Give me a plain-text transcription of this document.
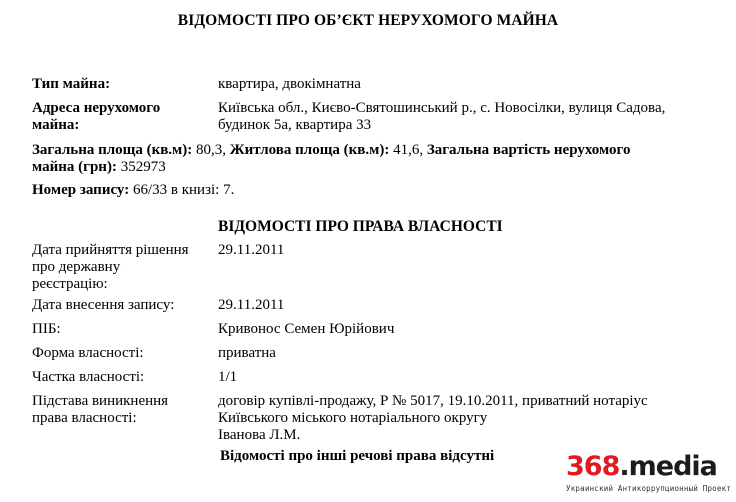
ВІДОМОСТІ ПРО ОБ’ЄКТ НЕРУХОМОГО МАЙНА
Тип майна:	квартира, двокімнатна
Адреса нерухомого
майна:
Київська обл., Києво-Святошинський р., с. Новосілки, вулиця Садова,
будинок 5а, квартира 33
Загальна площа (кв.м): 80,3, Житлова площа (кв.м): 41,6, Загальна вартість нерухомого
майна (грн): 352973
Номер запису: 66/33 в книзі: 7.
ВІДОМОСТІ ПРО ПРАВА ВЛАСНОСТІ
Дата прийняття рішення
про державну
реєстрацію:
29.11.2011
Дата внесення запису:	29.11.2011
ПІБ:	Кривонос Семен Юрійович
Форма власності:	приватна
Частка власності:	1/1
Підстава виникнення
права власності:
договір купівлі-продажу, Р № 5017, 19.10.2011, приватний нотаріус
Київського міського нотаріального округу
Іванова Л.М.
Відомості про інші речові права відсутні	368.media
Украинский Антикоррупционный Проект
